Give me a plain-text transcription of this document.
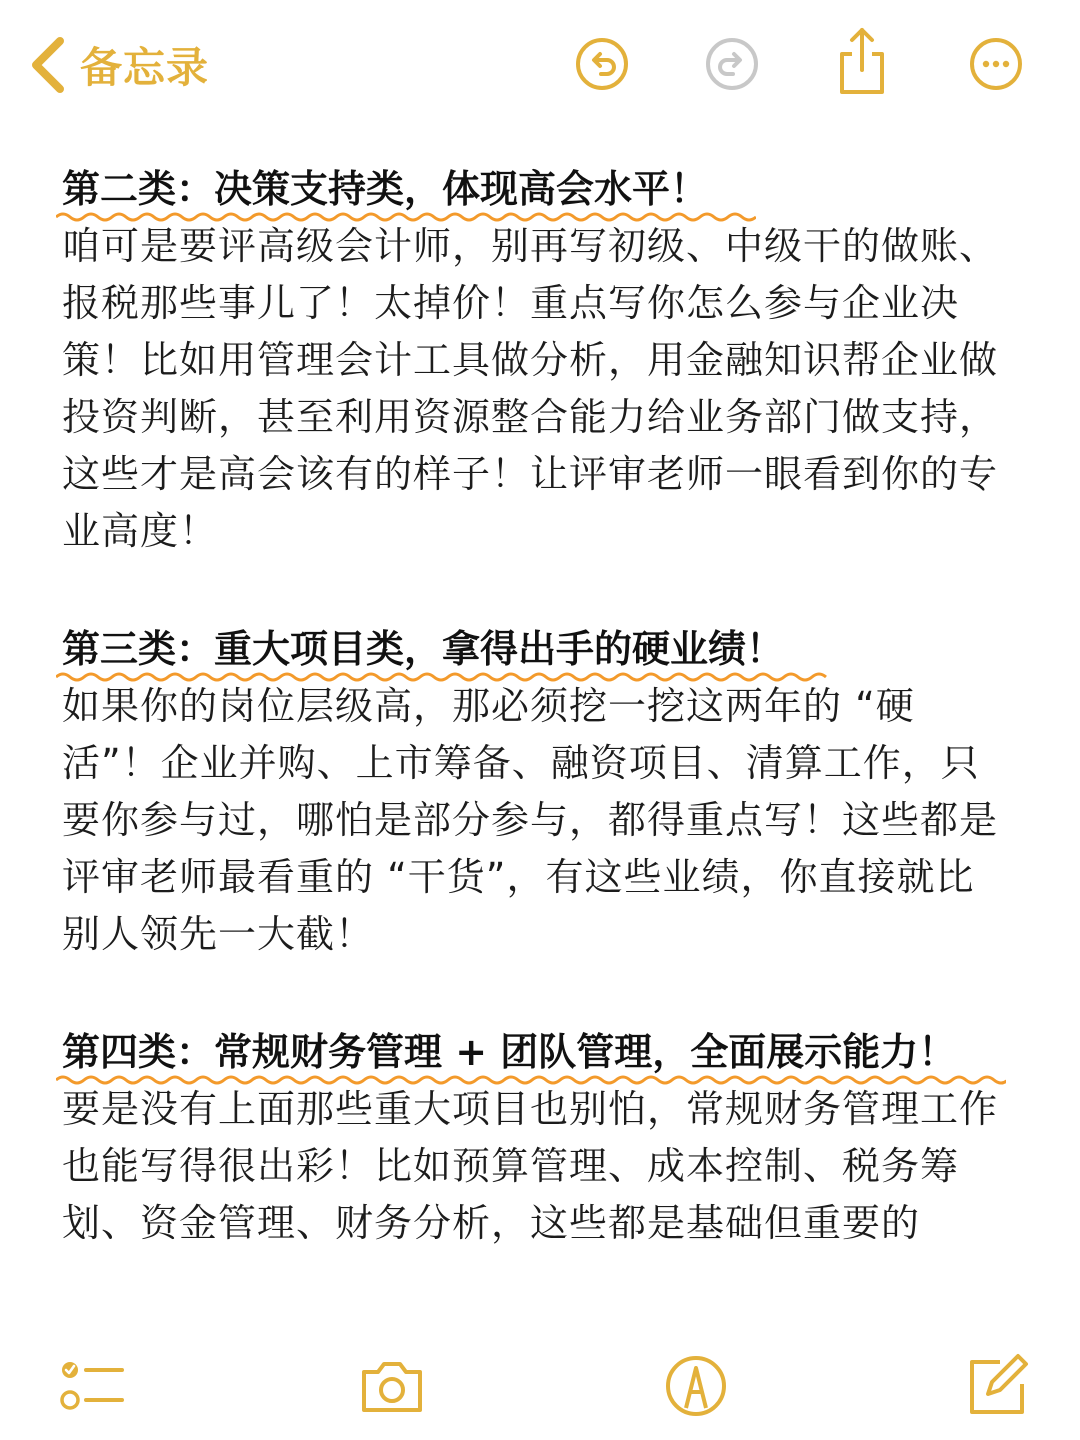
备忘录
第二类：决策支持类，体现高会水平！

咱可是要评高级会计师，别再写初级、中级干的做账、报税那些事儿了！太掉价！重点写你怎么参与企业决策！比如用管理会计工具做分析，用金融知识帮企业做投资判断，甚至利用资源整合能力给业务部门做支持，这些才是高会该有的样子！让评审老师一眼看到你的专业高度！

第三类：重大项目类，拿得出手的硬业绩！

如果你的岗位层级高，那必须挖一挖这两年的 “硬活”！企业并购、上市筹备、融资项目、清算工作，只要你参与过，哪怕是部分参与，都得重点写！这些都是评审老师最看重的 “干货”，有这些业绩，你直接就比别人领先一大截！

第四类：常规财务管理 + 团队管理，全面展示能力！

要是没有上面那些重大项目也别怕，常规财务管理工作也能写得很出彩！比如预算管理、成本控制、税务筹划、资金管理、财务分析，这些都是基础但重要的
